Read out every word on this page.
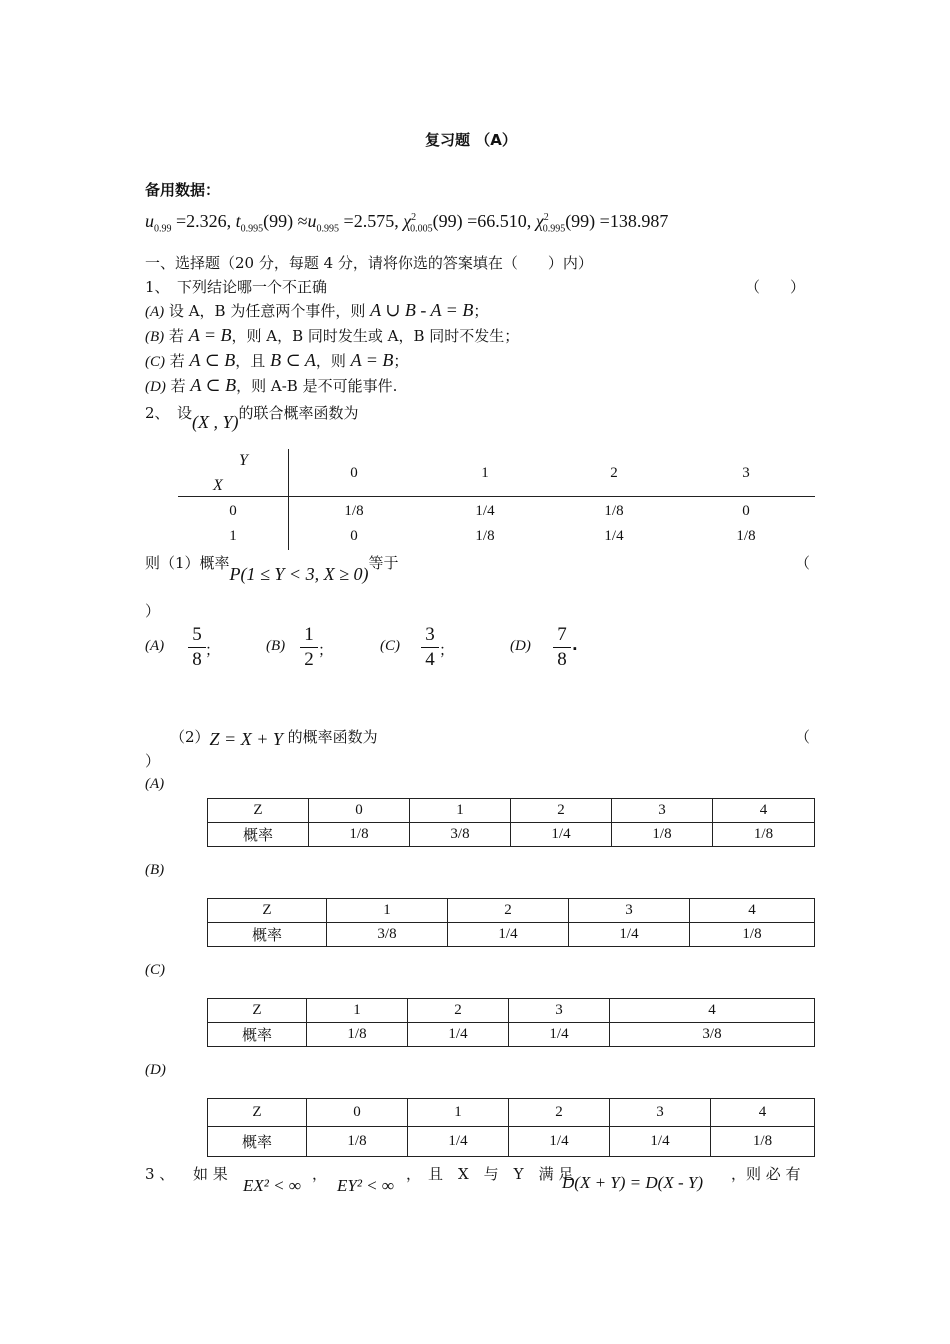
复习题 （A）
备用数据：
$u_{0.99} =2.326$, $t_{0.995}(99) \approx u_{0.995} =2.575$, $\chi^2_{0.005}(99) =66.510$, $\chi^2_{0.995}(99) =138.987$
一、选择题（20 分，每题 4 分，请将你选的答案填在（　　）内）
1、　下列结论哪一个不正确	（　　）
(A) 设 A，B 为任意两个事件，则 A ∪ B - A = B；
(B) 若 A = B，则 A，B 同时发生或 A，B 同时不发生；
(C) 若 A ⊂ B，且 B ⊂ A，则 A = B；
(D) 若 A ⊂ B，则 A-B 是不可能事件.
2、　设(X , Y)的联合概率函数为
Y
X
0	1	2	3
0	1/8	1/4	1/8	0
1	0	1/8	1/4	1/8
则（1）概率P(1 ≤ Y < 3, X ≥ 0)等于	（
）
(A)
5
8 ；	(B)
1
2 ；	(C)
3
4 ；	(D)
7
8
.
（2）Z = X + Y 的概率函数为	（
）
(A)
Z	0	1	2	3	4
概率	1/8	3/8	1/4	1/8	1/8
(B)
Z	1	2	3	4
概率	3/8	1/4	1/4	1/8
(C)
Z	1	2	3	4
概率	1/8	1/4	1/4	3/8
(D)
Z	0	1	2	3	4
概率	1/8	1/4	1/4	1/4	1/8
3 、 如 果
EX² < ∞
，
EY² < ∞
， 且　X　与　Y　满 足
D(X + Y) = D(X - Y) ，则 必 有
